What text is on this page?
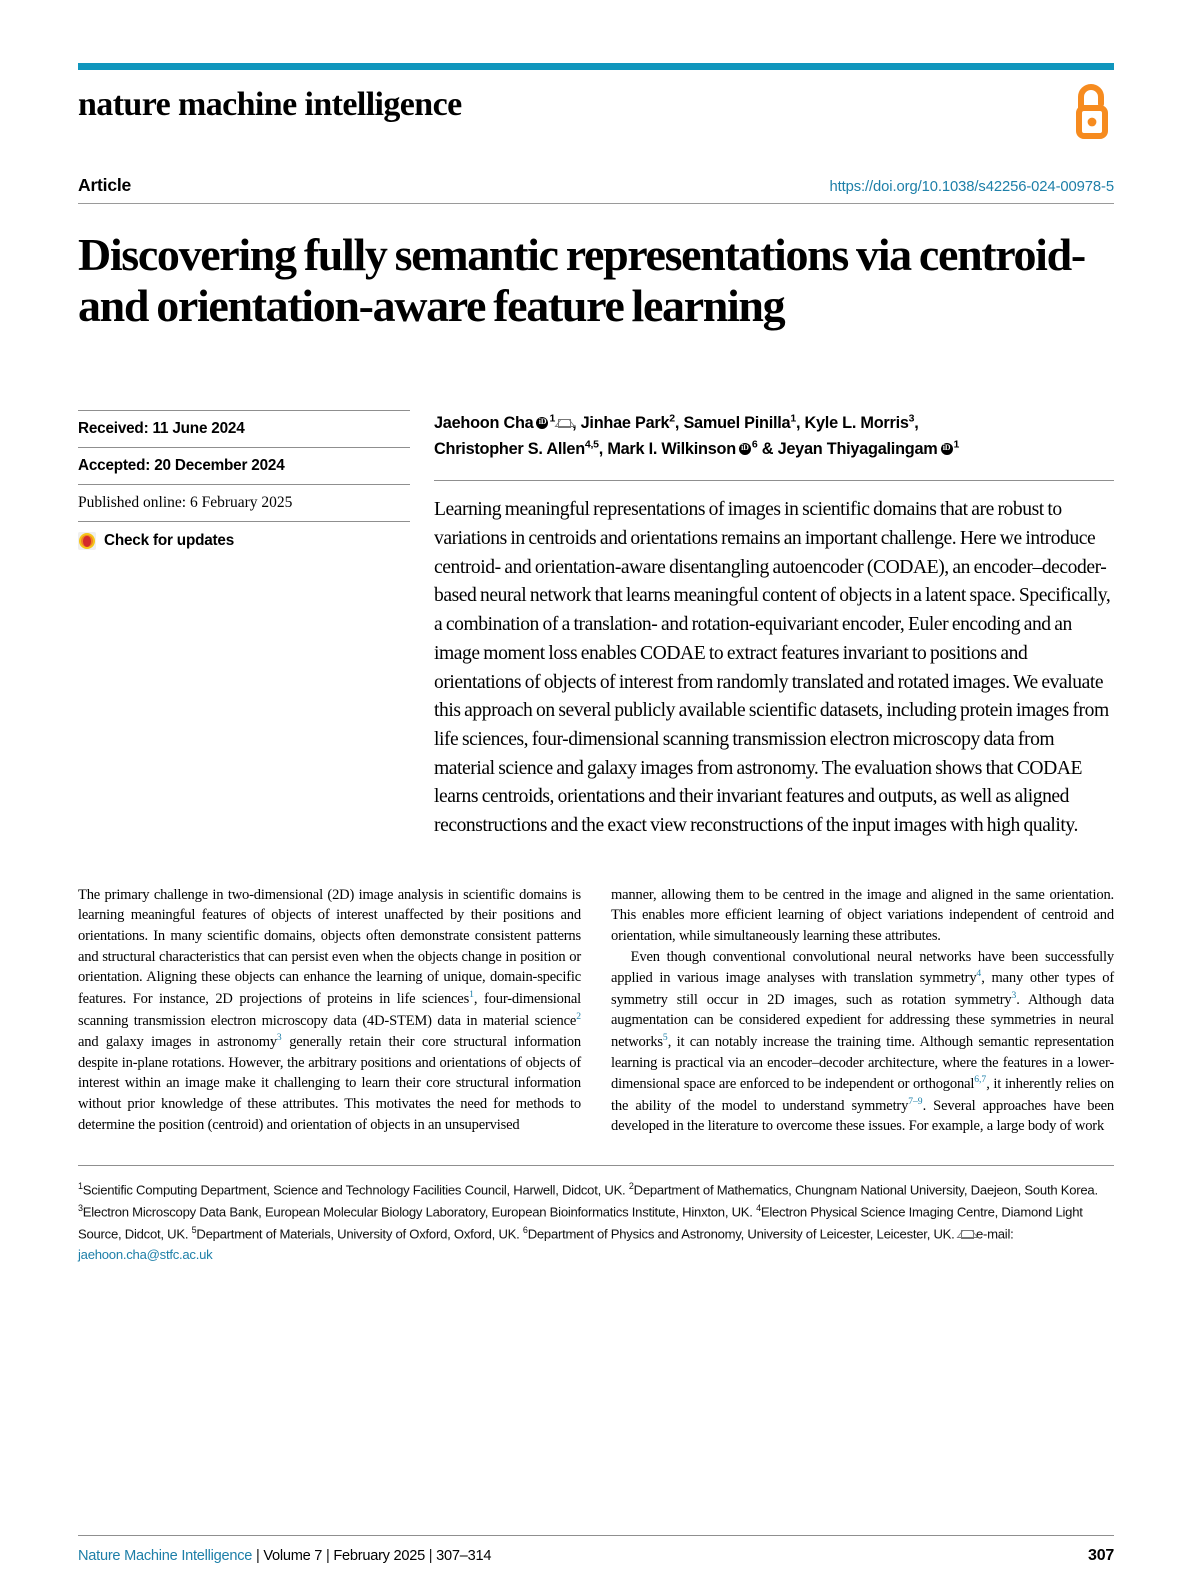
nature machine intelligence
Article	https://doi.org/10.1038/s42256-024-00978-5
Discovering fully semantic representations via centroid- and orientation-aware feature learning
Received: 11 June 2024
Accepted: 20 December 2024
Published online: 6 February 2025
Check for updates
Jaehoon Cha iD $^1$ , Jinhae Park$^2$, Samuel Pinilla$^1$, Kyle L. Morris$^3$,
Christopher S. Allen$^{4,5}$, Mark I. Wilkinson iD $^6$ & Jeyan Thiyagalingam iD $^1$
Learning meaningful representations of images in scientific domains that are robust to variations in centroids and orientations remains an important challenge. Here we introduce centroid- and orientation-aware disentangling autoencoder (CODAE), an encoder–decoder-based neural network that learns meaningful content of objects in a latent space. Specifically, a combination of a translation- and rotation-equivariant encoder, Euler encoding and an image moment loss enables CODAE to extract features invariant to positions and orientations of objects of interest from randomly translated and rotated images. We evaluate this approach on several publicly available scientific datasets, including protein images from life sciences, four-dimensional scanning transmission electron microscopy data from material science and galaxy images from astronomy. The evaluation shows that CODAE learns centroids, orientations and their invariant features and outputs, as well as aligned reconstructions and the exact view reconstructions of the input images with high quality.

The primary challenge in two-dimensional (2D) image analysis in scientific domains is learning meaningful features of objects of interest unaffected by their positions and orientations. In many scientific domains, objects often demonstrate consistent patterns and structural characteristics that can persist even when the objects change in position or orientation. Aligning these objects can enhance the learning of unique, domain-specific features. For instance, 2D projections of proteins in life sciences$^1$, four-dimensional scanning transmission electron microscopy data (4D-STEM) data in material science$^2$ and galaxy images in astronomy$^3$ generally retain their core structural information despite in-plane rotations. However, the arbitrary positions and orientations of objects of interest within an image make it challenging to learn their core structural information without prior knowledge of these attributes. This motivates the need for methods to determine the position (centroid) and orientation of objects in an unsupervised

manner, allowing them to be centred in the image and aligned in the same orientation. This enables more efficient learning of object variations independent of centroid and orientation, while simultaneously learning these attributes.

Even though conventional convolutional neural networks have been successfully applied in various image analyses with translation symmetry$^4$, many other types of symmetry still occur in 2D images, such as rotation symmetry$^3$. Although data augmentation can be considered expedient for addressing these symmetries in neural networks$^5$, it can notably increase the training time. Although semantic representation learning is practical via an encoder–decoder architecture, where the features in a lower-dimensional space are enforced to be independent or orthogonal$^{6,7}$, it inherently relies on the ability of the model to understand symmetry$^{7-9}$. Several approaches have been developed in the literature to overcome these issues. For example, a large body of work

$^1$Scientific Computing Department, Science and Technology Facilities Council, Harwell, Didcot, UK. $^2$Department of Mathematics, Chungnam National University, Daejeon, South Korea. $^3$Electron Microscopy Data Bank, European Molecular Biology Laboratory, European Bioinformatics Institute, Hinxton, UK. $^4$Electron Physical Science Imaging Centre, Diamond Light Source, Didcot, UK. $^5$Department of Materials, University of Oxford, Oxford, UK. $^6$Department of Physics and Astronomy, University of Leicester, Leicester, UK. e-mail: jaehoon.cha@stfc.ac.uk
Nature Machine Intelligence | Volume 7 | February 2025 | 307–314	307
